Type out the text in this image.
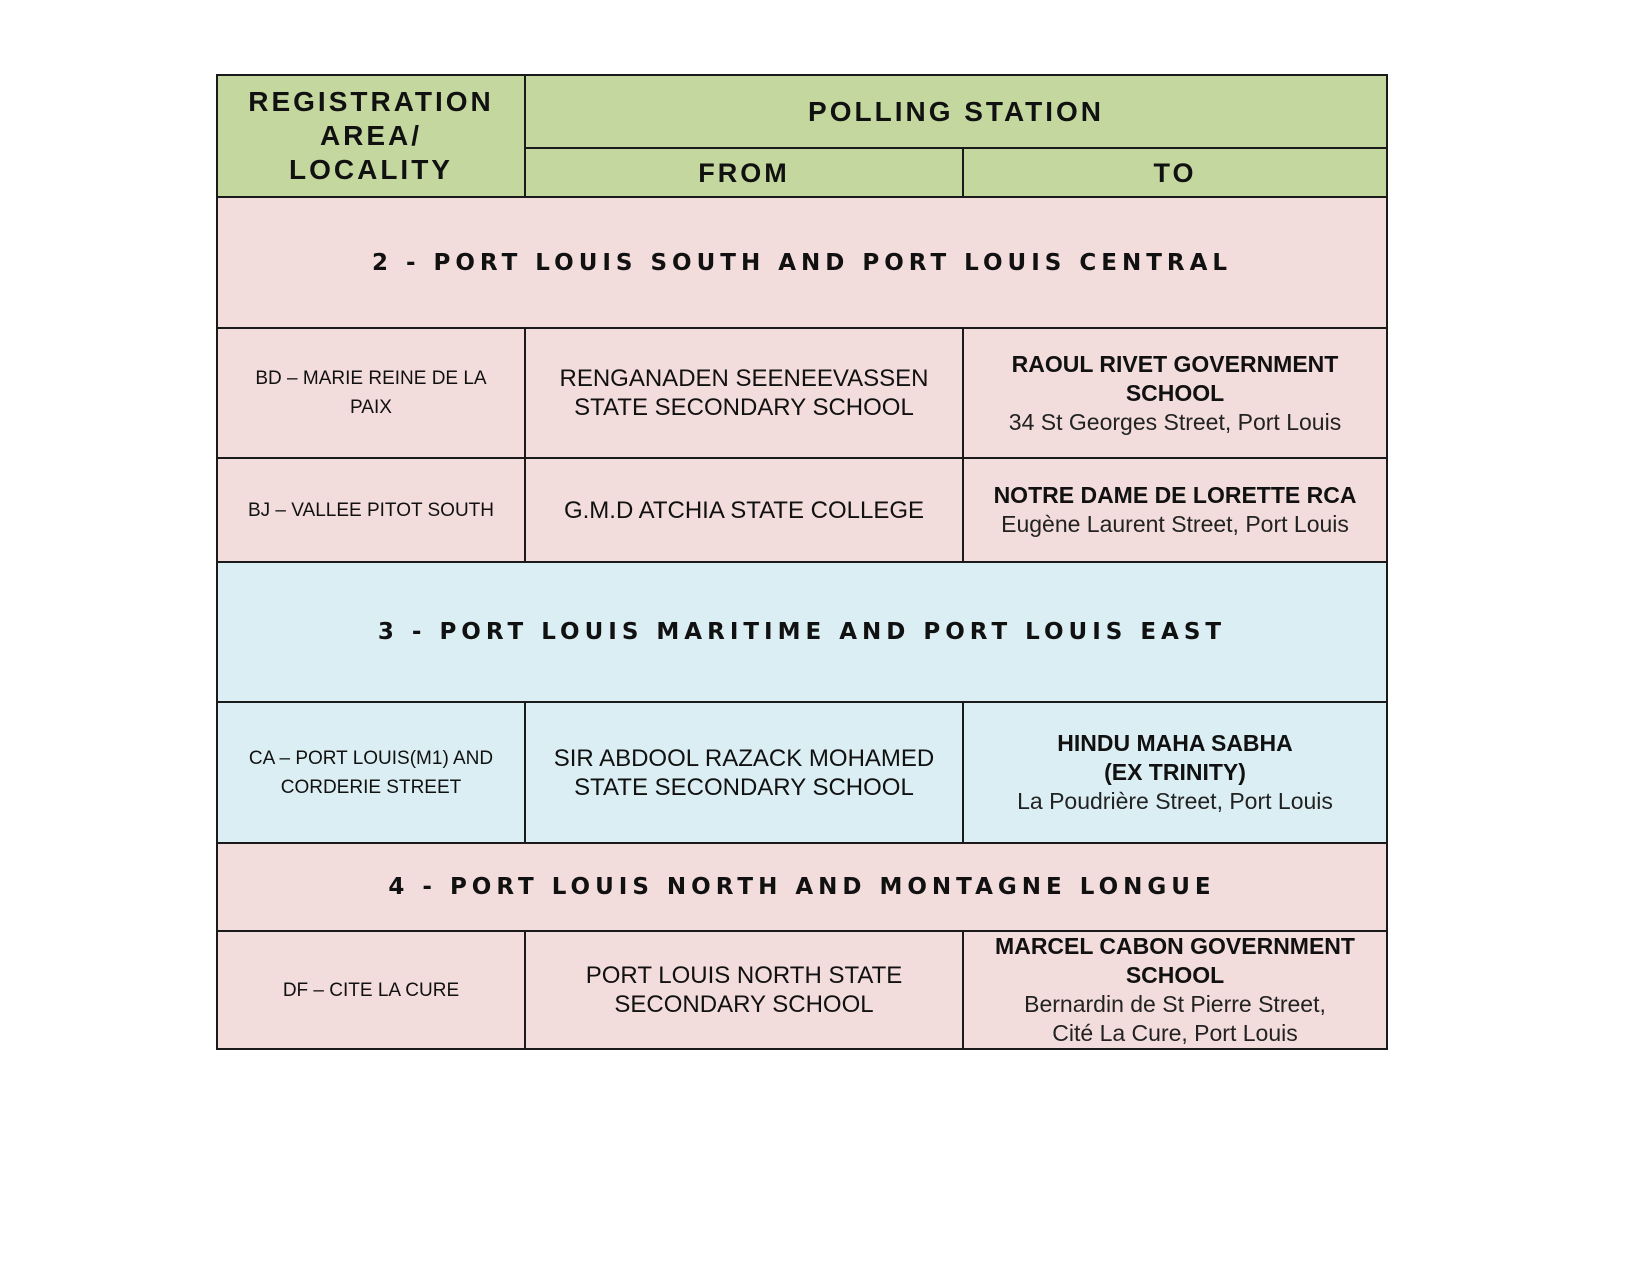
REGISTRATION AREA/ LOCALITY	POLLING STATION	
	FROM	TO
2 - PORT LOUIS SOUTH AND PORT LOUIS CENTRAL		
BD – MARIE REINE DE LA PAIX	RENGANADEN SEENEEVASSEN STATE SECONDARY SCHOOL	RAOUL RIVET GOVERNMENT SCHOOL
34 St Georges Street, Port Louis

BJ – VALLEE PITOT SOUTH	G.M.D ATCHIA STATE COLLEGE	NOTRE DAME DE LORETTE RCA
Eugène Laurent Street, Port Louis

3 - PORT LOUIS MARITIME AND PORT LOUIS EAST		
CA – PORT LOUIS(M1) AND CORDERIE STREET	SIR ABDOOL RAZACK MOHAMED STATE SECONDARY SCHOOL	HINDU MAHA SABHA (EX TRINITY)
La Poudrière Street, Port Louis

4 - PORT LOUIS NORTH AND MONTAGNE LONGUE		
DF – CITE LA CURE	PORT LOUIS NORTH STATE SECONDARY SCHOOL	MARCEL CABON GOVERNMENT SCHOOL
Bernardin de St Pierre Street, Cité La Cure, Port Louis
